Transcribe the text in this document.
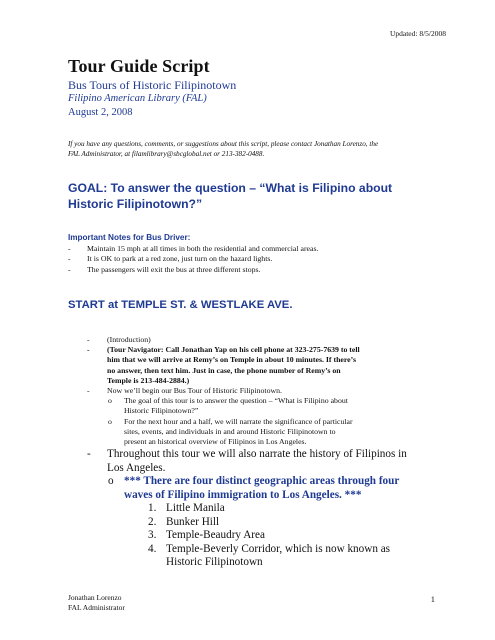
Updated: 8/5/2008
Tour Guide Script
Bus Tours of Historic Filipinotown
Filipino American Library (FAL)
August 2, 2008
If you have any questions, comments, or suggestions about this script, please contact Jonathan Lorenzo, the
FAL Administrator, at filamlibrary@sbcglobal.net or 213-382-0488.
GOAL: To answer the question – “What is Filipino about
Historic Filipinotown?”
Important Notes for Bus Driver:
-	Maintain 15 mph at all times in both the residential and commercial areas.
-	It is OK to park at a red zone, just turn on the hazard lights.
-	The passengers will exit the bus at three different stops.
START at TEMPLE ST. & WESTLAKE AVE.
- (Introduction)
- (Tour Navigator: Call Jonathan Yap on his cell phone at 323-275-7639 to tell
him that we will arrive at Remy’s on Temple in about 10 minutes. If there’s
no answer, then text him. Just in case, the phone number of Remy’s on
Temple is 213-484-2884.)
- Now we’ll begin our Bus Tour of Historic Filipinotown.
o The goal of this tour is to answer the question – “What is Filipino about
Historic Filipinotown?”
o For the next hour and a half, we will narrate the significance of particular
sites, events, and individuals in and around Historic Filipinotown to
present an historical overview of Filipinos in Los Angeles.
- Throughout this tour we will also narrate the history of Filipinos in
Los Angeles.
o *** There are four distinct geographic areas through four
waves of Filipino immigration to Los Angeles. ***
1. Little Manila
2. Bunker Hill
3. Temple-Beaudry Area
4. Temple-Beverly Corridor, which is now known as
Historic Filipinotown
Jonathan Lorenzo
FAL Administrator
1
